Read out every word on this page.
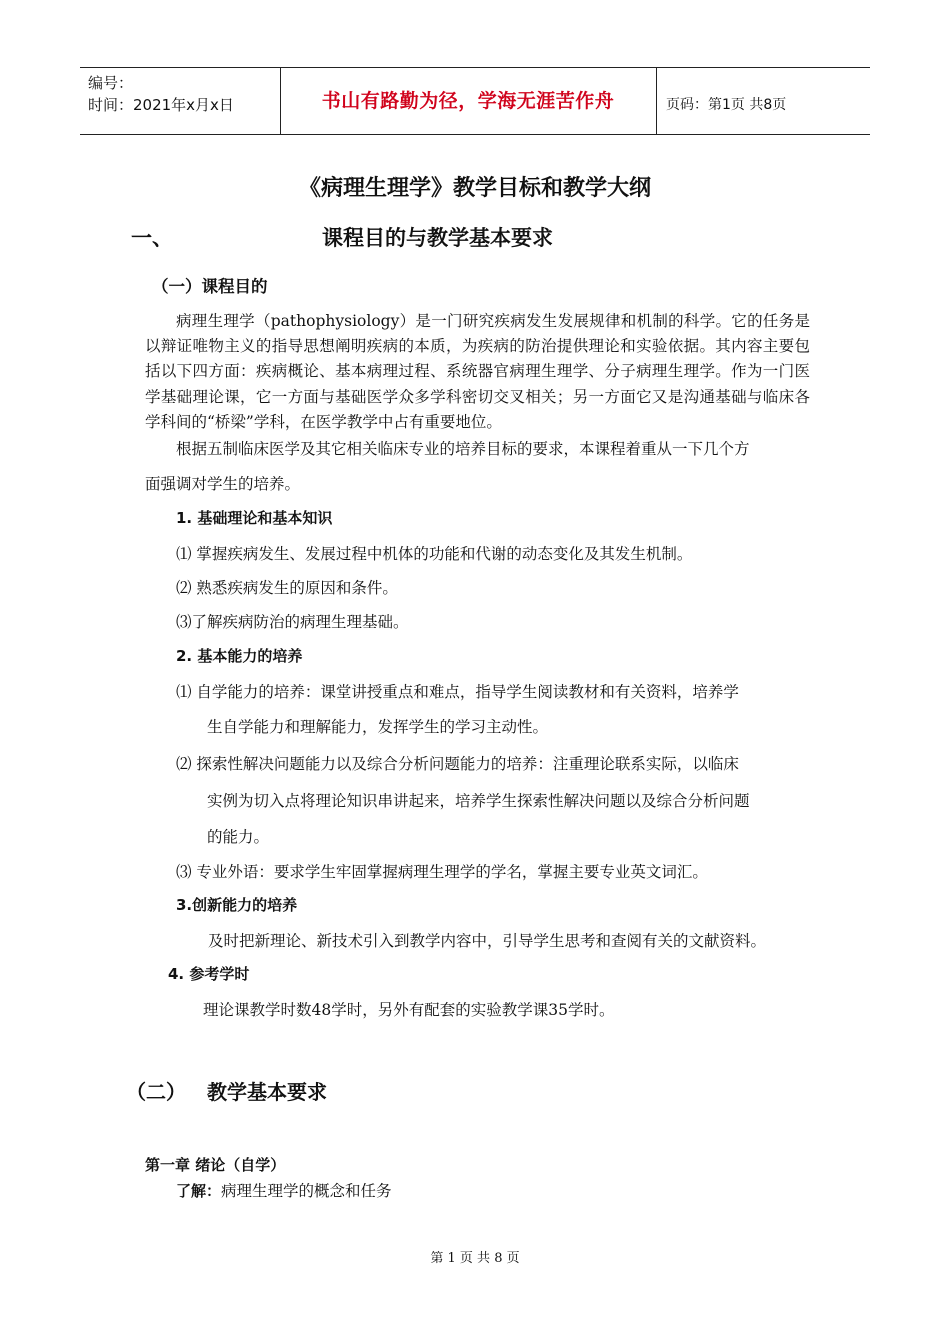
编号：
时间：2021年x月x日	书山有路勤为径，学海无涯苦作舟	页码：第1页 共8页
《病理生理学》教学目标和教学大纲
一、	课程目的与教学基本要求
（一）课程目的
病理生理学（pathophysiology）是一门研究疾病发生发展规律和机制的科学。它的任务是以辩证唯物主义的指导思想阐明疾病的本质，为疾病的防治提供理论和实验依据。其内容主要包括以下四方面：疾病概论、基本病理过程、系统器官病理生理学、分子病理生理学。作为一门医学基础理论课，它一方面与基础医学众多学科密切交叉相关；另一方面它又是沟通基础与临床各学科间的“桥梁”学科，在医学教学中占有重要地位。
根据五制临床医学及其它相关临床专业的培养目标的要求，本课程着重从一下几个方
面强调对学生的培养。
1. 基础理论和基本知识
⑴ 掌握疾病发生、发展过程中机体的功能和代谢的动态变化及其发生机制。
⑵ 熟悉疾病发生的原因和条件。
⑶了解疾病防治的病理生理基础。
2. 基本能力的培养
⑴ 自学能力的培养：课堂讲授重点和难点，指导学生阅读教材和有关资料，培养学
生自学能力和理解能力，发挥学生的学习主动性。
⑵ 探索性解决问题能力以及综合分析问题能力的培养：注重理论联系实际，以临床
实例为切入点将理论知识串讲起来，培养学生探索性解决问题以及综合分析问题
的能力。
⑶ 专业外语：要求学生牢固掌握病理生理学的学名，掌握主要专业英文词汇。
3.创新能力的培养
及时把新理论、新技术引入到教学内容中，引导学生思考和查阅有关的文献资料。
4. 参考学时
理论课教学时数48学时，另外有配套的实验教学课35学时。
（二） 教学基本要求
第一章 绪论（自学）
了解：病理生理学的概念和任务
第 1 页 共 8 页
